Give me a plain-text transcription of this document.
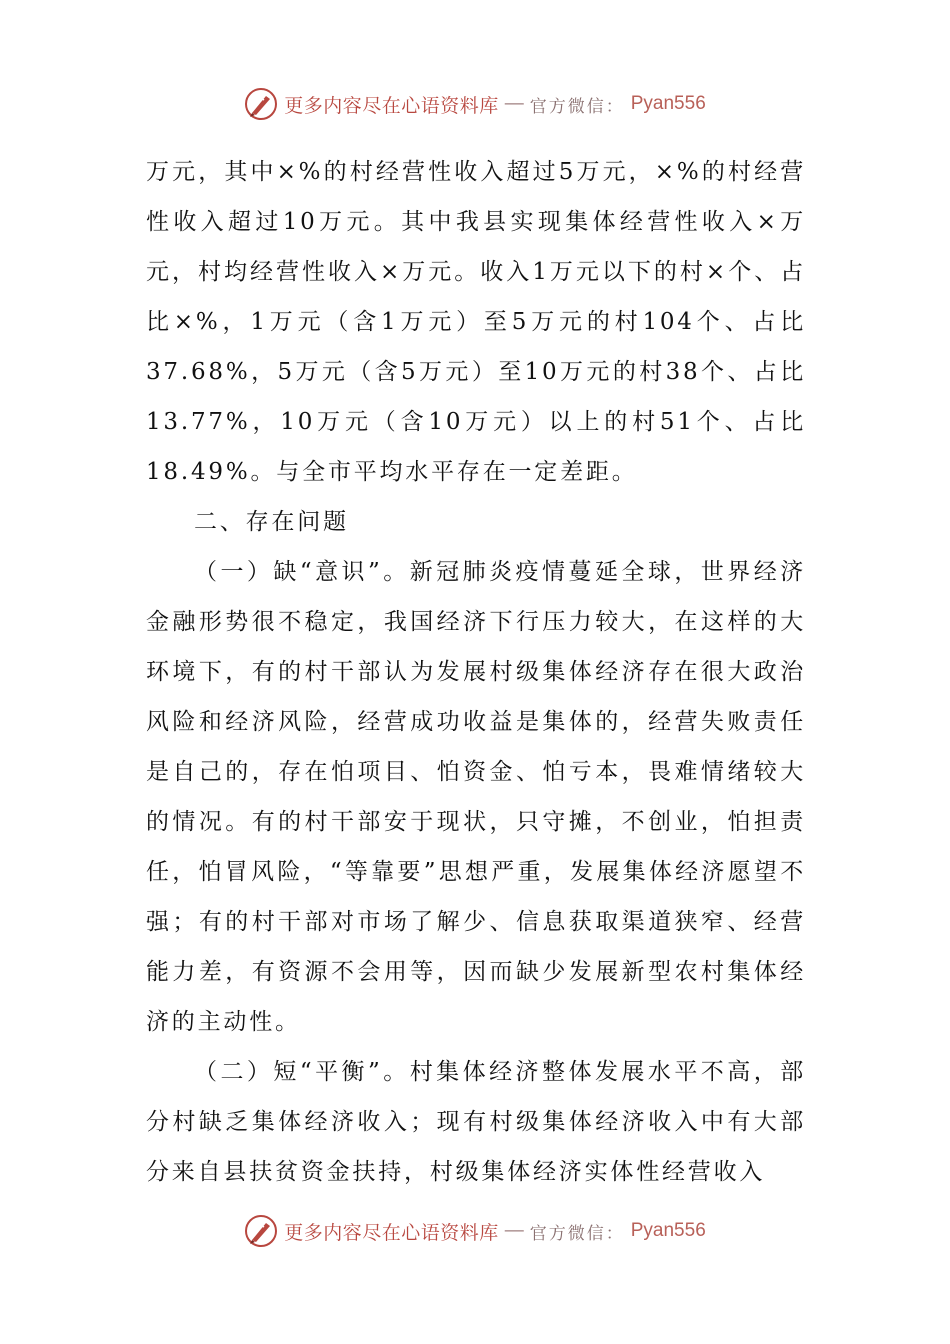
更多内容尽在心语资料库 — 官方微信： Pyan556

万元，其中×%的村经营性收入超过5万元，×%的村经营性收入超过10万元。其中我县实现集体经营性收入×万元，村均经营性收入×万元。收入1万元以下的村×个、占比×%，1万元（含1万元）至5万元的村104个、占比37.68%，5万元（含5万元）至10万元的村38个、占比13.77%，10万元（含10万元）以上的村51个、占比18.49%。与全市平均水平存在一定差距。

二、存在问题

（一）缺“意识”。新冠肺炎疫情蔓延全球，世界经济金融形势很不稳定，我国经济下行压力较大，在这样的大环境下，有的村干部认为发展村级集体经济存在很大政治风险和经济风险，经营成功收益是集体的，经营失败责任是自己的，存在怕项目、怕资金、怕亏本，畏难情绪较大的情况。有的村干部安于现状，只守摊，不创业，怕担责任，怕冒风险，“等靠要”思想严重，发展集体经济愿望不强；有的村干部对市场了解少、信息获取渠道狭窄、经营能力差，有资源不会用等，因而缺少发展新型农村集体经济的主动性。

（二）短“平衡”。村集体经济整体发展水平不高，部分村缺乏集体经济收入；现有村级集体经济收入中有大部分来自县扶贫资金扶持，村级集体经济实体性经营收入

更多内容尽在心语资料库 — 官方微信： Pyan556
